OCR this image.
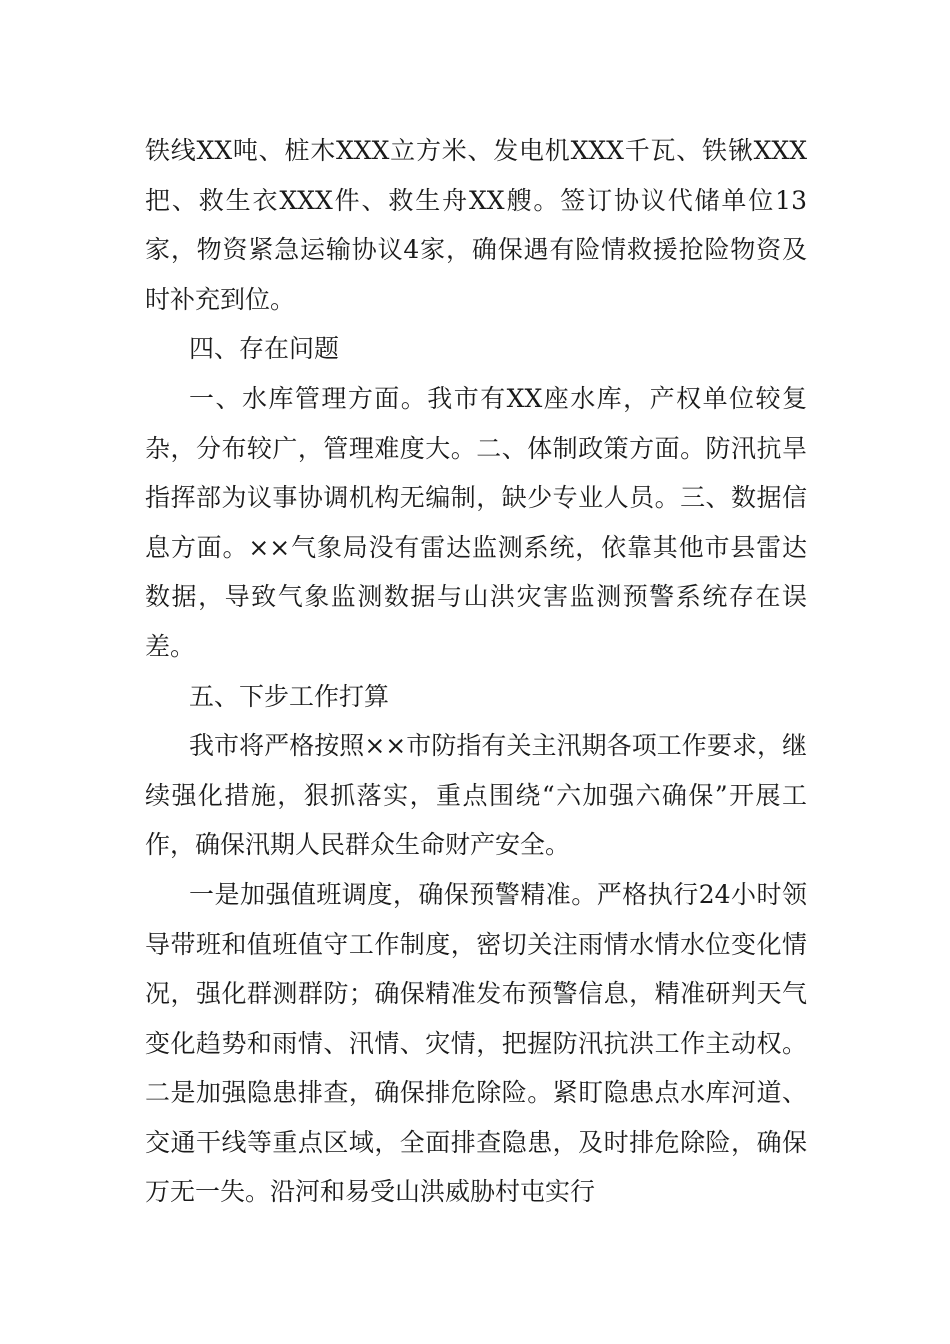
铁线XX吨、桩木XXX立方米、发电机XXX千瓦、铁锹XXX把、救生衣XXX件、救生舟XX艘。签订协议代储单位13家，物资紧急运输协议4家，确保遇有险情救援抢险物资及时补充到位。

四、存在问题

一、水库管理方面。我市有XX座水库，产权单位较复杂，分布较广，管理难度大。二、体制政策方面。防汛抗旱指挥部为议事协调机构无编制，缺少专业人员。三、数据信息方面。××气象局没有雷达监测系统，依靠其他市县雷达数据，导致气象监测数据与山洪灾害监测预警系统存在误差。

五、下步工作打算

我市将严格按照××市防指有关主汛期各项工作要求，继续强化措施，狠抓落实，重点围绕“六加强六确保”开展工作，确保汛期人民群众生命财产安全。

一是加强值班调度，确保预警精准。严格执行24小时领导带班和值班值守工作制度，密切关注雨情水情水位变化情况，强化群测群防；确保精准发布预警信息，精准研判天气变化趋势和雨情、汛情、灾情，把握防汛抗洪工作主动权。二是加强隐患排查，确保排危除险。紧盯隐患点水库河道、交通干线等重点区域，全面排查隐患，及时排危除险，确保万无一失。沿河和易受山洪威胁村屯实行
